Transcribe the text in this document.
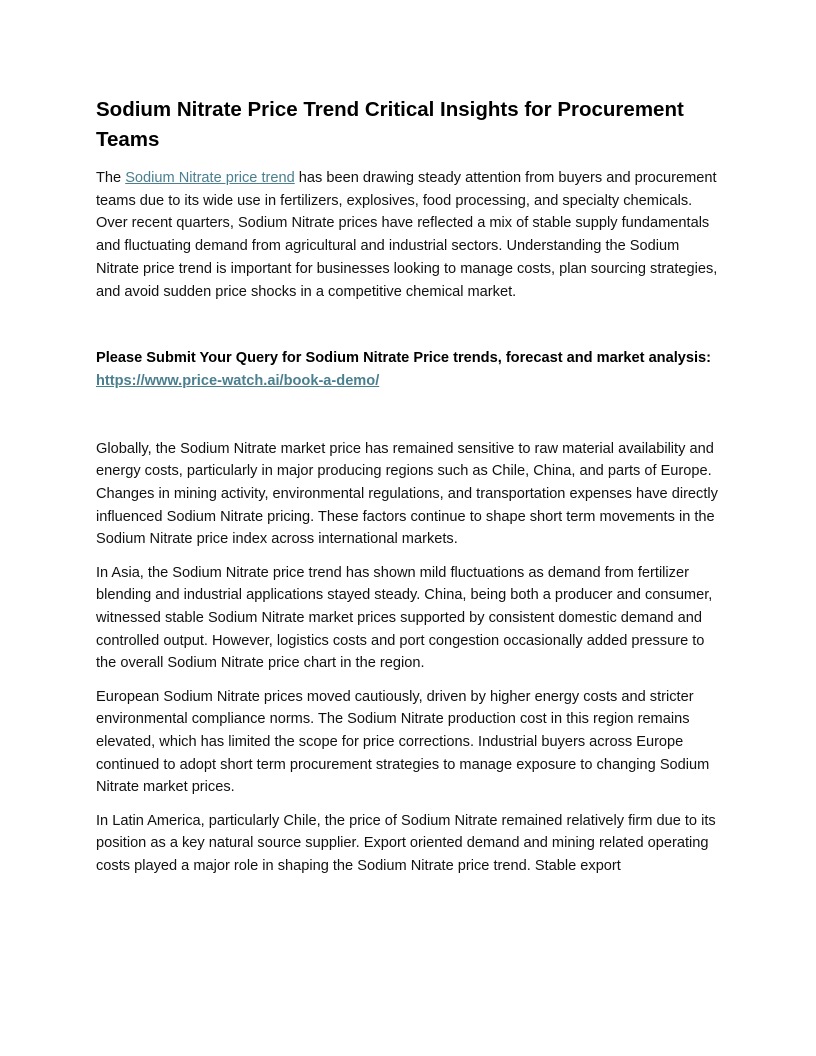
Sodium Nitrate Price Trend Critical Insights for Procurement Teams

The Sodium Nitrate price trend has been drawing steady attention from buyers and procurement teams due to its wide use in fertilizers, explosives, food processing, and specialty chemicals. Over recent quarters, Sodium Nitrate prices have reflected a mix of stable supply fundamentals and fluctuating demand from agricultural and industrial sectors. Understanding the Sodium Nitrate price trend is important for businesses looking to manage costs, plan sourcing strategies, and avoid sudden price shocks in a competitive chemical market.

Please Submit Your Query for Sodium Nitrate Price trends, forecast and market analysis: https://www.price-watch.ai/book-a-demo/

Globally, the Sodium Nitrate market price has remained sensitive to raw material availability and energy costs, particularly in major producing regions such as Chile, China, and parts of Europe. Changes in mining activity, environmental regulations, and transportation expenses have directly influenced Sodium Nitrate pricing. These factors continue to shape short term movements in the Sodium Nitrate price index across international markets.

In Asia, the Sodium Nitrate price trend has shown mild fluctuations as demand from fertilizer blending and industrial applications stayed steady. China, being both a producer and consumer, witnessed stable Sodium Nitrate market prices supported by consistent domestic demand and controlled output. However, logistics costs and port congestion occasionally added pressure to the overall Sodium Nitrate price chart in the region.

European Sodium Nitrate prices moved cautiously, driven by higher energy costs and stricter environmental compliance norms. The Sodium Nitrate production cost in this region remains elevated, which has limited the scope for price corrections. Industrial buyers across Europe continued to adopt short term procurement strategies to manage exposure to changing Sodium Nitrate market prices.

In Latin America, particularly Chile, the price of Sodium Nitrate remained relatively firm due to its position as a key natural source supplier. Export oriented demand and mining related operating costs played a major role in shaping the Sodium Nitrate price trend. Stable export
